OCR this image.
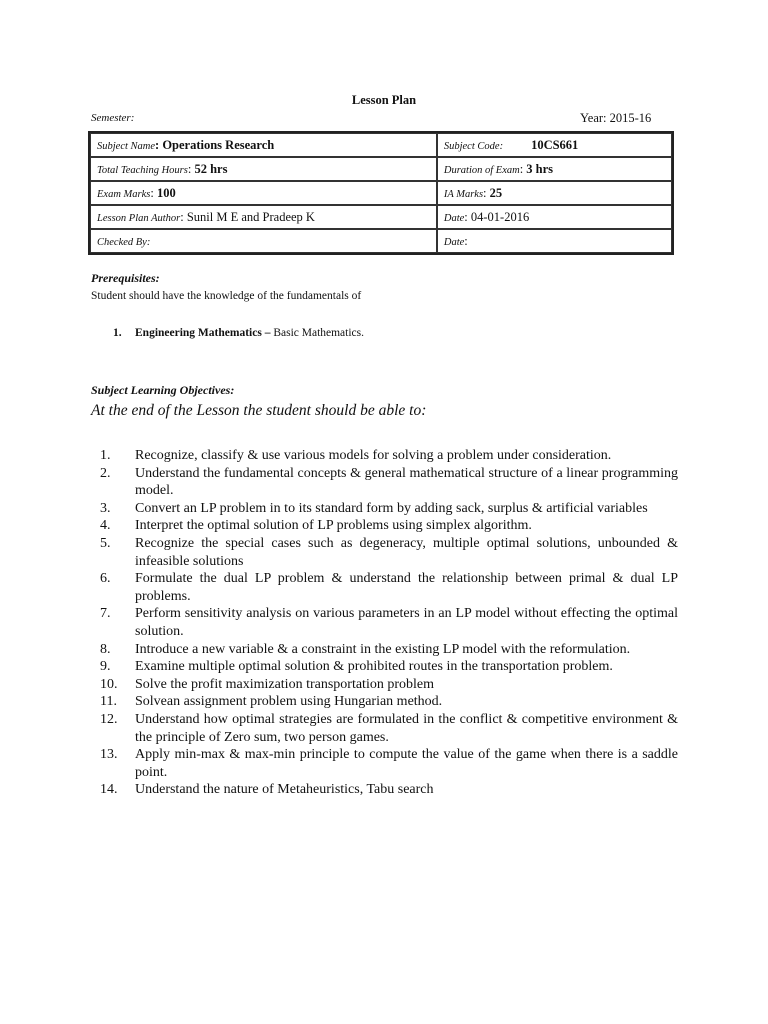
Lesson Plan
Semester:	Year: 2015-16
Subject Name: Operations Research	Subject Code: 10CS661
Total Teaching Hours: 52 hrs	Duration of Exam: 3 hrs
Exam Marks: 100	IA Marks: 25
Lesson Plan Author: Sunil M E and Pradeep K	Date: 04-01-2016
Checked By:	Date:
Prerequisites:
Student should have the knowledge of the fundamentals of
1. Engineering Mathematics – Basic Mathematics.
Subject Learning Objectives:
At the end of the Lesson the student should be able to:
1.	Recognize, classify & use various models for solving a problem under consideration.
2.	Understand the fundamental concepts & general mathematical structure of a linear programming model.
3.	Convert an LP problem in to its standard form by adding sack, surplus & artificial variables
4.	Interpret the optimal solution of LP problems using simplex algorithm.
5.	Recognize the special cases such as degeneracy, multiple optimal solutions, unbounded & infeasible solutions
6.	Formulate the dual LP problem & understand the relationship between primal & dual LP problems.
7.	Perform sensitivity analysis on various parameters in an LP model without effecting the optimal solution.
8.	Introduce a new variable & a constraint in the existing LP model with the reformulation.
9.	Examine multiple optimal solution & prohibited routes in the transportation problem.
10.	Solve the profit maximization transportation problem
11.	Solvean assignment problem using Hungarian method.
12.	Understand how optimal strategies are formulated in the conflict & competitive environment & the principle of Zero sum, two person games.
13.	Apply min-max & max-min principle to compute the value of the game when there is a saddle point.
14.	Understand the nature of Metaheuristics, Tabu search
